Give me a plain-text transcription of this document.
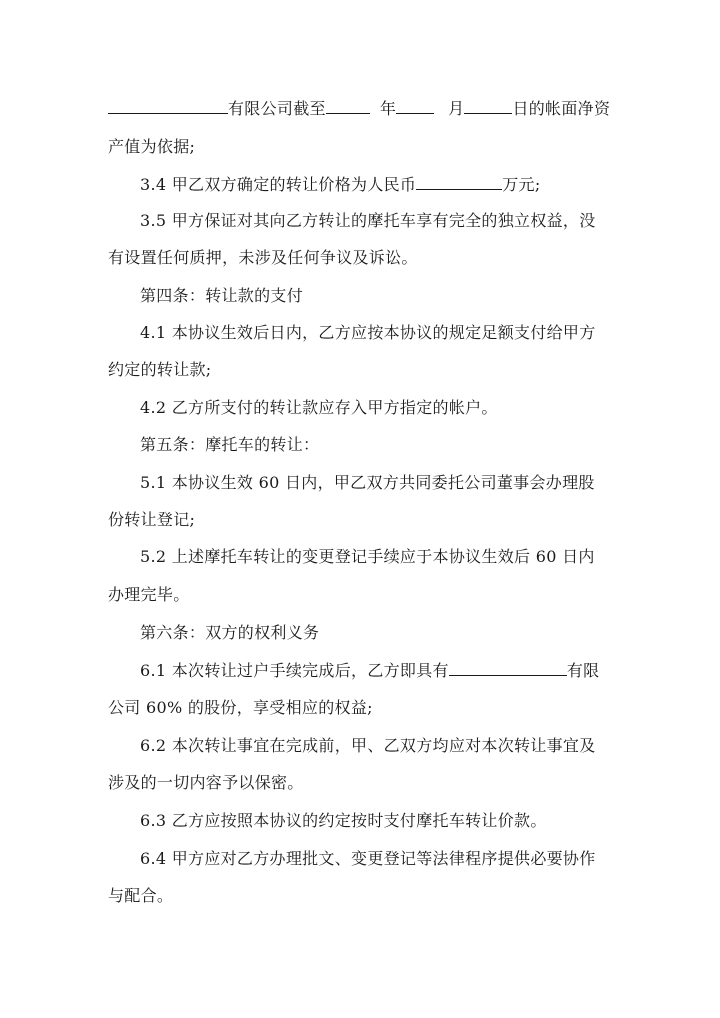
有限公司截至	年	月	日的帐面净资
产值为依据;
3.4 甲乙双方确定的转让价格为人民币	万元;
3.5 甲方保证对其向乙方转让的摩托车享有完全的独立权益，没
有设置任何质押，未涉及任何争议及诉讼。
第四条：转让款的支付
4.1 本协议生效后日内，乙方应按本协议的规定足额支付给甲方
约定的转让款;
4.2 乙方所支付的转让款应存入甲方指定的帐户。
第五条：摩托车的转让：
5.1 本协议生效 60 日内，甲乙双方共同委托公司董事会办理股
份转让登记;
5.2 上述摩托车转让的变更登记手续应于本协议生效后 60 日内
办理完毕。
第六条：双方的权利义务
6.1 本次转让过户手续完成后，乙方即具有	有限
公司 60% 的股份，享受相应的权益;
6.2 本次转让事宜在完成前，甲、乙双方均应对本次转让事宜及
涉及的一切内容予以保密。
6.3 乙方应按照本协议的约定按时支付摩托车转让价款。
6.4 甲方应对乙方办理批文、变更登记等法律程序提供必要协作
与配合。
